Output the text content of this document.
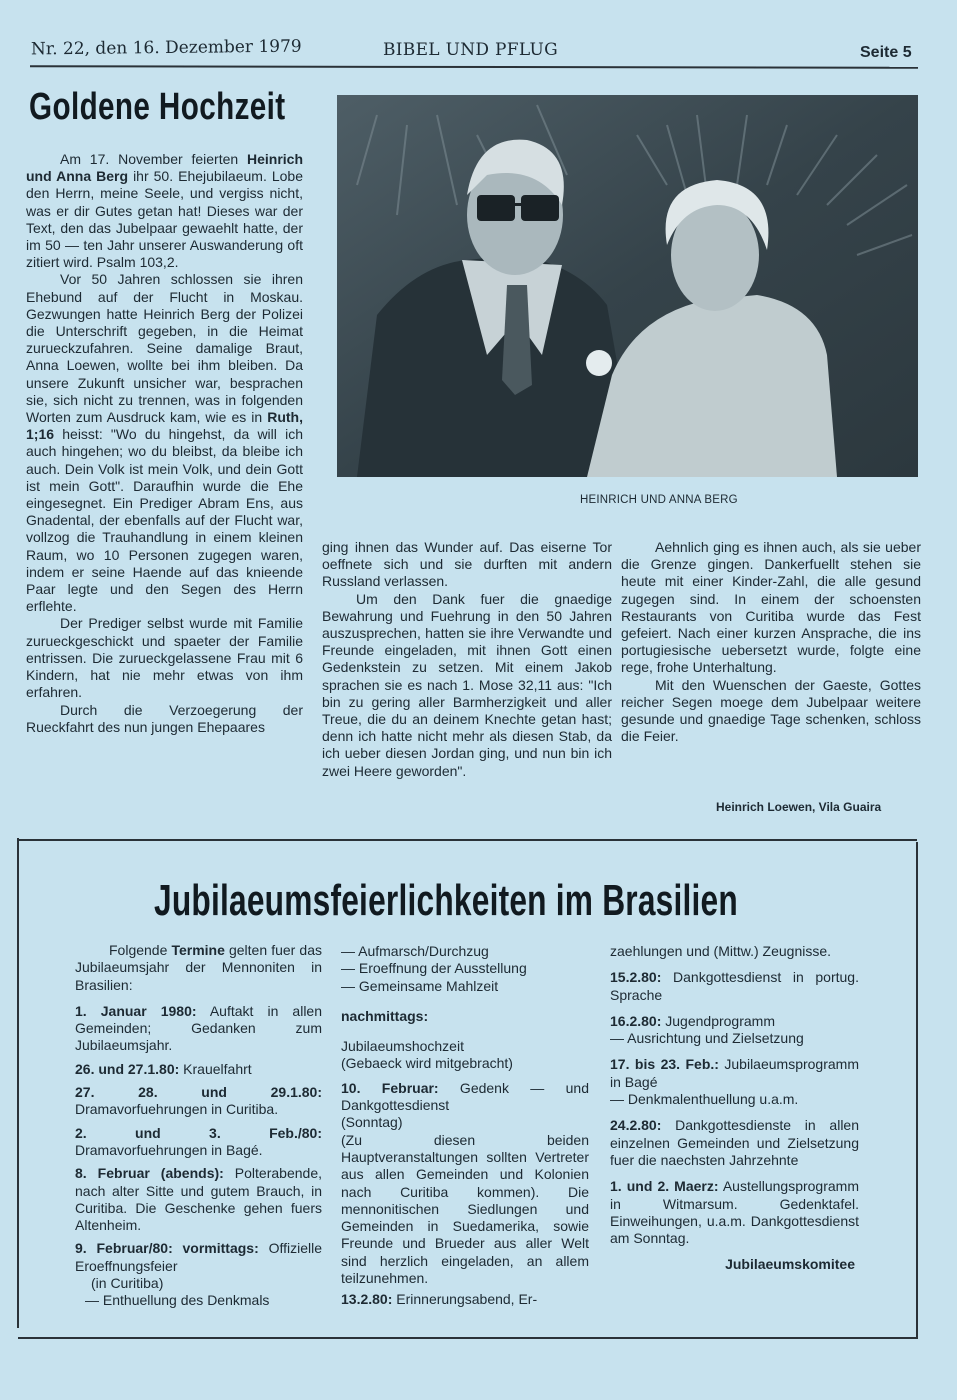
Nr. 22, den 16. Dezember 1979	BIBEL UND PFLUG	Seite 5
Goldene Hochzeit
HEINRICH UND ANNA BERG

Am 17. November feierten Heinrich und Anna Berg ihr 50. Ehejubilaeum. Lobe den Herrn, meine Seele, und vergiss nicht, was er dir Gutes getan hat! Dieses war der Text, den das Jubelpaar gewaehlt hatte, der im 50 — ten Jahr unserer Auswanderung oft zitiert wird. Psalm 103,2.

Vor 50 Jahren schlossen sie ihren Ehebund auf der Flucht in Moskau. Gezwungen hatte Heinrich Berg der Polizei die Unterschrift gegeben, in die Heimat zurueckzufahren. Seine damalige Braut, Anna Loewen, wollte bei ihm bleiben. Da unsere Zukunft unsicher war, besprachen sie, sich nicht zu trennen, was in folgenden Worten zum Ausdruck kam, wie es in Ruth, 1;16 heisst: "Wo du hingehst, da will ich auch hingehen; wo du bleibst, da bleibe ich auch. Dein Volk ist mein Volk, und dein Gott ist mein Gott". Daraufhin wurde die Ehe eingesegnet. Ein Prediger Abram Ens, aus Gnadental, der ebenfalls auf der Flucht war, vollzog die Trauhandlung in einem kleinen Raum, wo 10 Personen zugegen waren, indem er seine Haende auf das knieende Paar legte und den Segen des Herrn erflehte.

Der Prediger selbst wurde mit Familie zurueckgeschickt und spaeter der Familie entrissen. Die zurueckgelassene Frau mit 6 Kindern, hat nie mehr etwas von ihm erfahren.

Durch die Verzoegerung der Rueckfahrt des nun jungen Ehepaares

ging ihnen das Wunder auf. Das eiserne Tor oeffnete sich und sie durften mit andern Russland verlassen.

Um den Dank fuer die gnaedige Bewahrung und Fuehrung in den 50 Jahren auszusprechen, hatten sie ihre Verwandte und Freunde eingeladen, mit ihnen Gott einen Gedenkstein zu setzen. Mit einem Jakob sprachen sie es nach 1. Mose 32,11 aus: "Ich bin zu gering aller Barmherzigkeit und aller Treue, die du an deinem Knechte getan hast; denn ich hatte nicht mehr als diesen Stab, da ich ueber diesen Jordan ging, und nun bin ich zwei Heere geworden".

Aehnlich ging es ihnen auch, als sie ueber die Grenze gingen. Dankerfuellt stehen sie heute mit einer Kinder-Zahl, die alle gesund zugegen sind. In einem der schoensten Restaurants von Curitiba wurde das Fest gefeiert. Nach einer kurzen Ansprache, die ins portugiesische uebersetzt wurde, folgte eine rege, frohe Unterhaltung.

Mit den Wuenschen der Gaeste, Gottes reicher Segen moege dem Jubelpaar weitere gesunde und gnaedige Tage schenken, schloss die Feier.

Heinrich Loewen, Vila Guaira
Jubilaeumsfeierlichkeiten im Brasilien
Folgende Termine gelten fuer das Jubilaeumsjahr der Mennoniten in Brasilien:
1. Januar 1980: Auftakt in allen Gemeinden; Gedanken zum Jubilaeumsjahr.
26. und 27.1.80: Krauelfahrt
27. 28. und 29.1.80: Dramavorfuehrungen in Curitiba.
2. und 3. Feb./80: Dramavorfuehrungen in Bagé.
8. Februar (abends): Polterabende, nach alter Sitte und gutem Brauch, in Curitiba. Die Geschenke gehen fuers Altenheim.
9. Februar/80: vormittags: Offizielle Eroeffnungsfeier
(in Curitiba)
— Enthuellung des Denkmals
— Aufmarsch/Durchzug
— Eroeffnung der Ausstellung
— Gemeinsame Mahlzeit
nachmittags:
Jubilaeumshochzeit
(Gebaeck wird mitgebracht)
10. Februar: Gedenk — und Dankgottesdienst
(Sonntag)
(Zu diesen beiden Hauptveranstaltungen sollten Vertreter aus allen Gemeinden und Kolonien nach Curitiba kommen). Die mennonitischen Siedlungen und Gemeinden in Suedamerika, sowie Freunde und Brueder aus aller Welt sind herzlich eingeladen, an allem teilzunehmen.
13.2.80: Erinnerungsabend, Er-
zaehlungen und (Mittw.) Zeugnisse.
15.2.80: Dankgottesdienst in portug. Sprache
16.2.80: Jugendprogramm
— Ausrichtung und Zielsetzung
17. bis 23. Feb.: Jubilaeumsprogramm in Bagé
— Denkmalenthuellung u.a.m.
24.2.80: Dankgottesdienste in allen einzelnen Gemeinden und Zielsetzung fuer die naechsten Jahrzehnte
1. und 2. Maerz: Austellungsprogramm in Witmarsum. Gedenktafel. Einweihungen, u.a.m. Dankgottesdienst am Sonntag.
Jubilaeumskomitee
